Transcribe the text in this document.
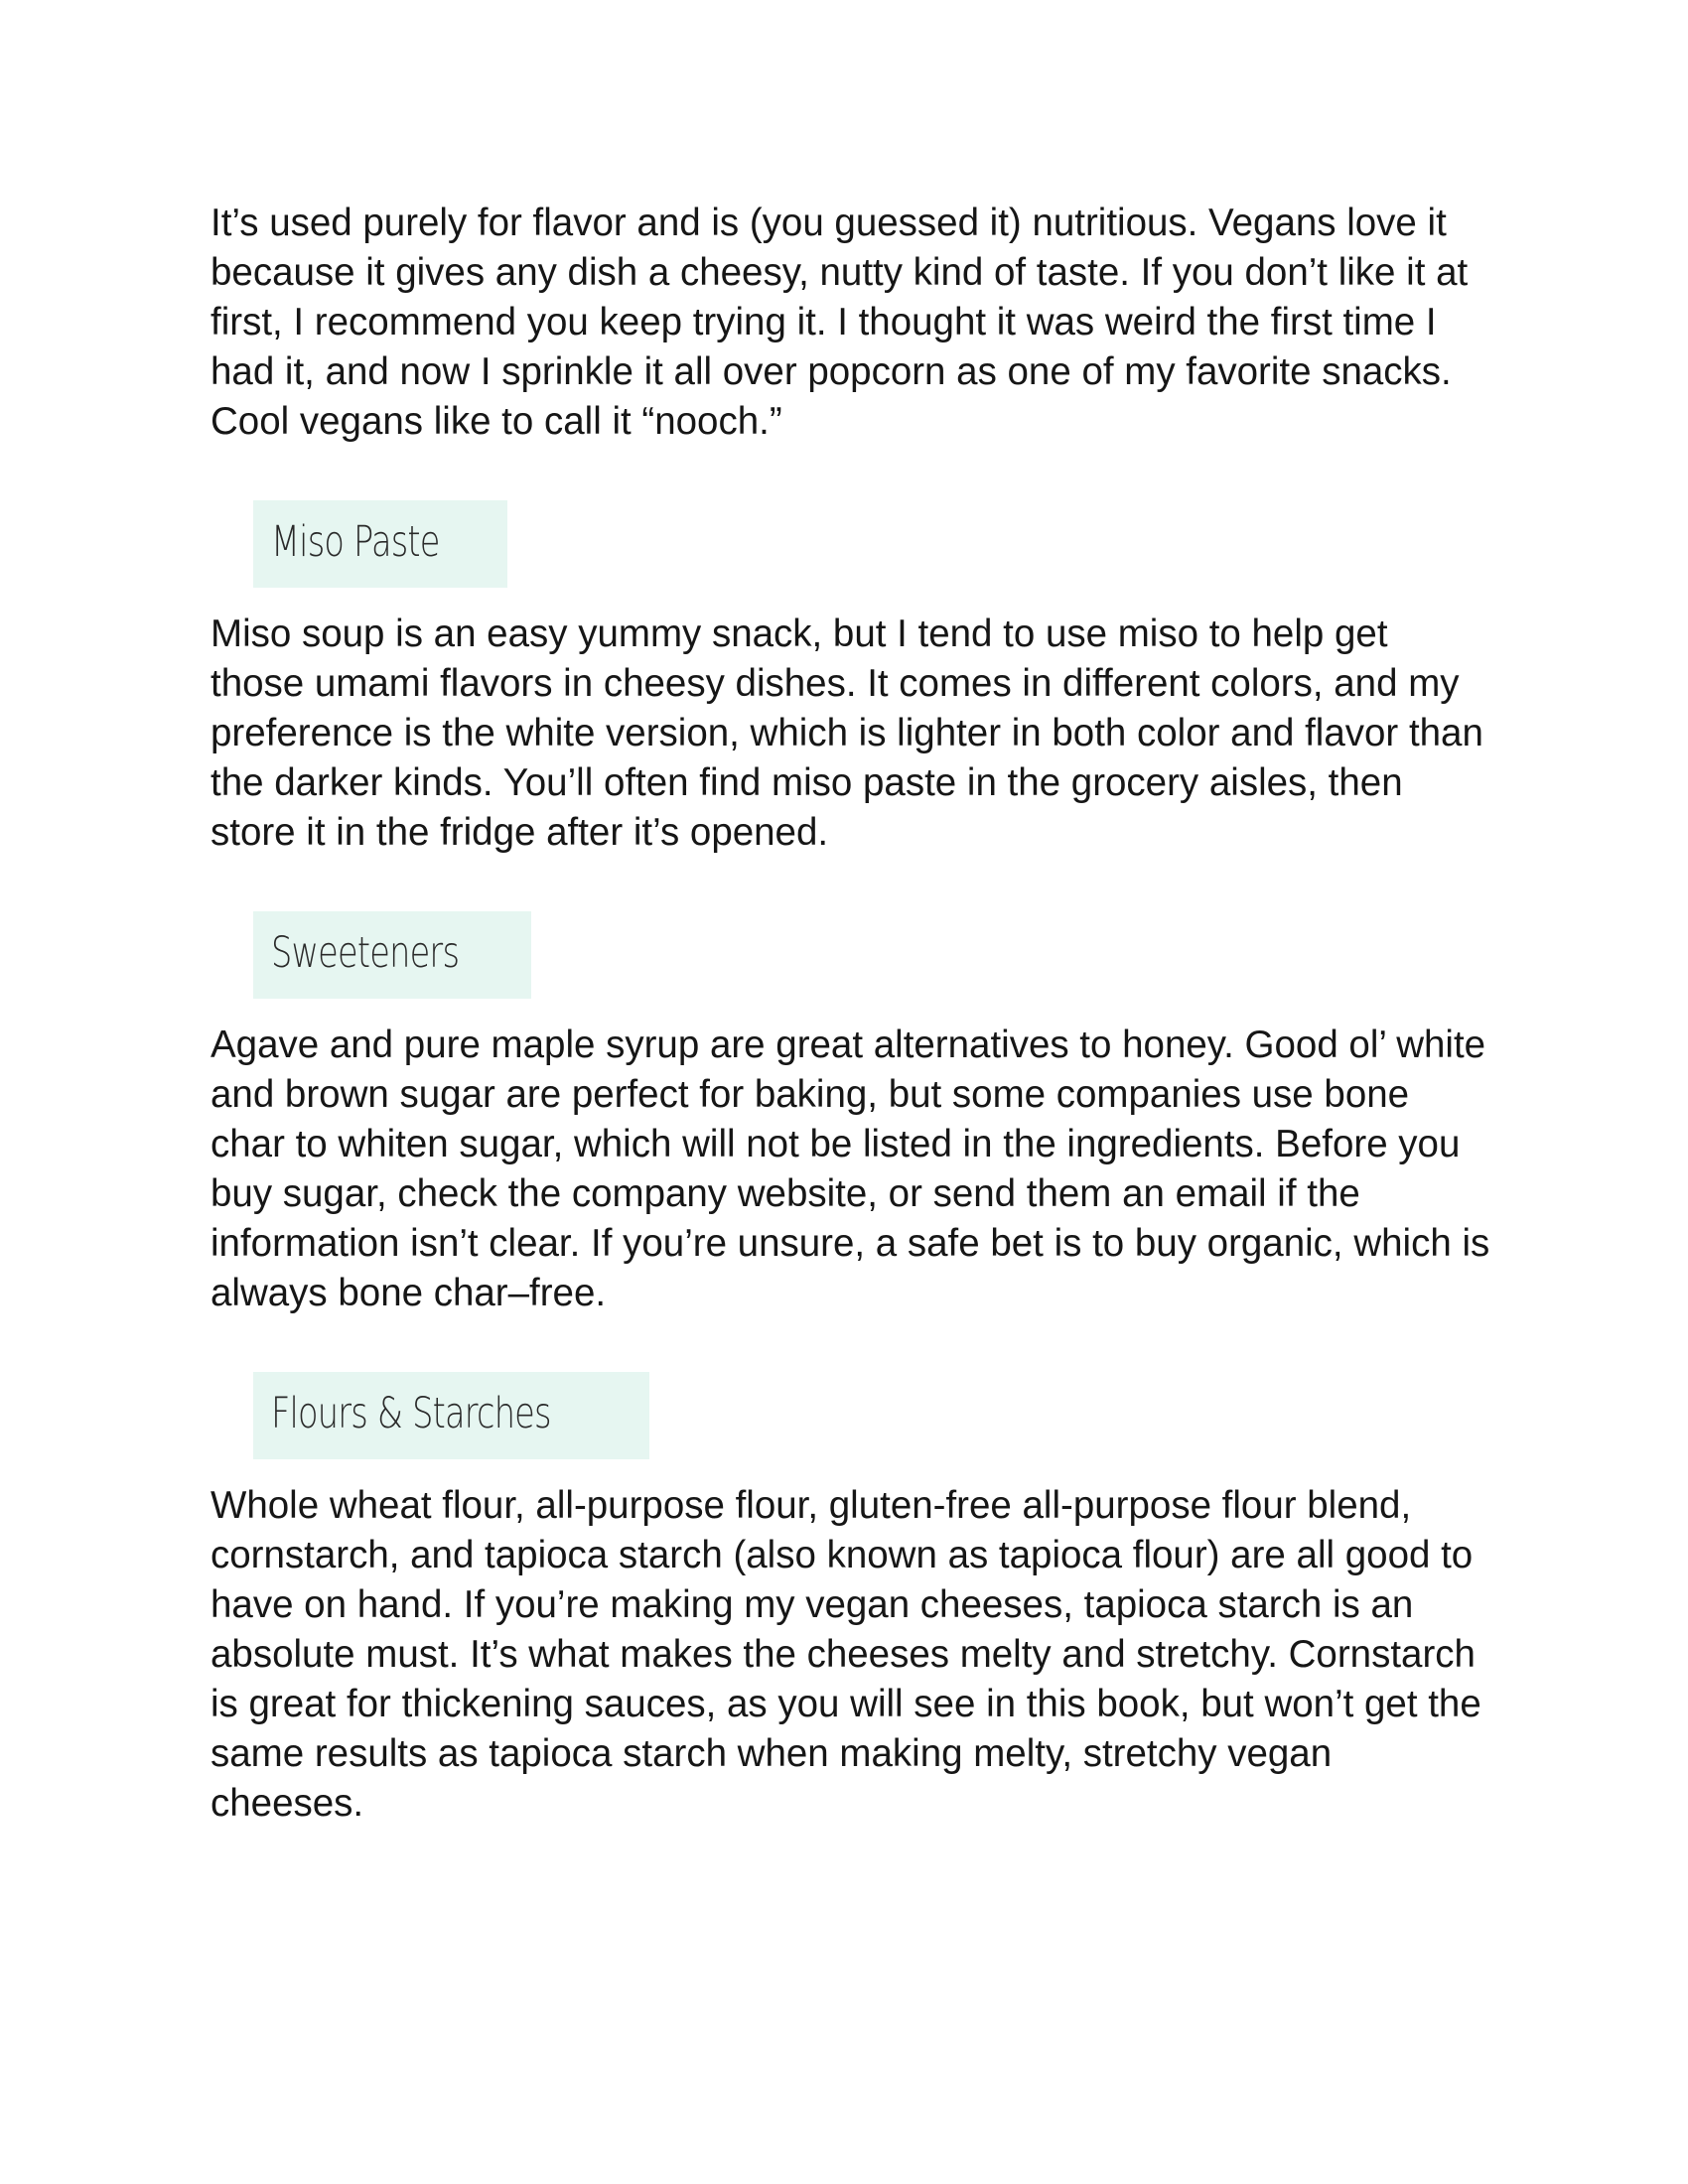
It’s used purely for flavor and is (you guessed it) nutritious. Vegans love it because it gives any dish a cheesy, nutty kind of taste. If you don’t like it at first, I recommend you keep trying it. I thought it was weird the first time I had it, and now I sprinkle it all over popcorn as one of my favorite snacks. Cool vegans like to call it “nooch.”

Miso Paste

Miso soup is an easy yummy snack, but I tend to use miso to help get those umami flavors in cheesy dishes. It comes in different colors, and my preference is the white version, which is lighter in both color and flavor than the darker kinds. You’ll often find miso paste in the grocery aisles, then store it in the fridge after it’s opened.

Sweeteners

Agave and pure maple syrup are great alternatives to honey. Good ol’ white and brown sugar are perfect for baking, but some companies use bone char to whiten sugar, which will not be listed in the ingredients. Before you buy sugar, check the company website, or send them an email if the information isn’t clear. If you’re unsure, a safe bet is to buy organic, which is always bone char–free.

Flours & Starches

Whole wheat flour, all-purpose flour, gluten-free all-purpose flour blend, cornstarch, and tapioca starch (also known as tapioca flour) are all good to have on hand. If you’re making my vegan cheeses, tapioca starch is an absolute must. It’s what makes the cheeses melty and stretchy. Cornstarch is great for thickening sauces, as you will see in this book, but won’t get the same results as tapioca starch when making melty, stretchy vegan cheeses.
